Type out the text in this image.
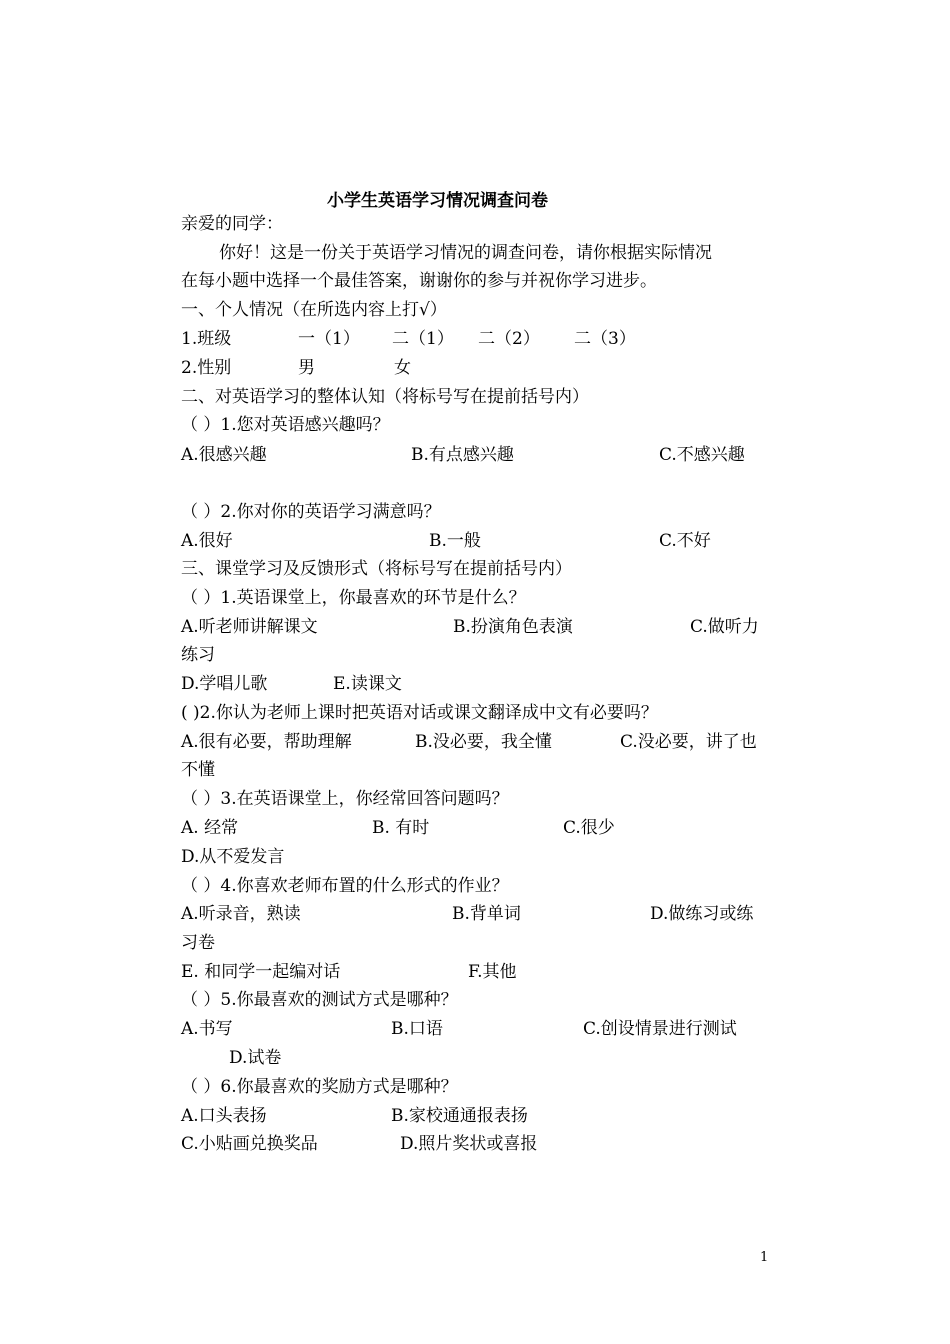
小学生英语学习情况调查问卷
亲爱的同学：
你好！这是一份关于英语学习情况的调查问卷，请你根据实际情况
在每小题中选择一个最佳答案，谢谢你的参与并祝你学习进步。
一、个人情况（在所选内容上打√）
1.班级	一（1） 二（1） 二（2） 二（3）
2.性别	男	女
二、对英语学习的整体认知（将标号写在提前括号内）
（ ）1.您对英语感兴趣吗？
A.很感兴趣	B.有点感兴趣	C.不感兴趣
（ ）2.你对你的英语学习满意吗？
A.很好	B.一般	C.不好
三、课堂学习及反馈形式（将标号写在提前括号内）
（ ）1.英语课堂上，你最喜欢的环节是什么？
A.听老师讲解课文	B.扮演角色表演	C.做听力
练习
D.学唱儿歌	E.读课文
( )2.你认为老师上课时把英语对话或课文翻译成中文有必要吗？
A.很有必要，帮助理解	B.没必要，我全懂	C.没必要，讲了也
不懂
（ ）3.在英语课堂上，你经常回答问题吗？
A. 经常	B. 有时	C.很少
D.从不爱发言
（ ）4.你喜欢老师布置的什么形式的作业？
A.听录音，熟读	B.背单词	D.做练习或练
习卷
E. 和同学一起编对话	F.其他
（ ）5.你最喜欢的测试方式是哪种？
A.书写	B.口语	C.创设情景进行测试
D.试卷
（ ）6.你最喜欢的奖励方式是哪种？
A.口头表扬	B.家校通通报表扬
C.小贴画兑换奖品	D.照片奖状或喜报
1
